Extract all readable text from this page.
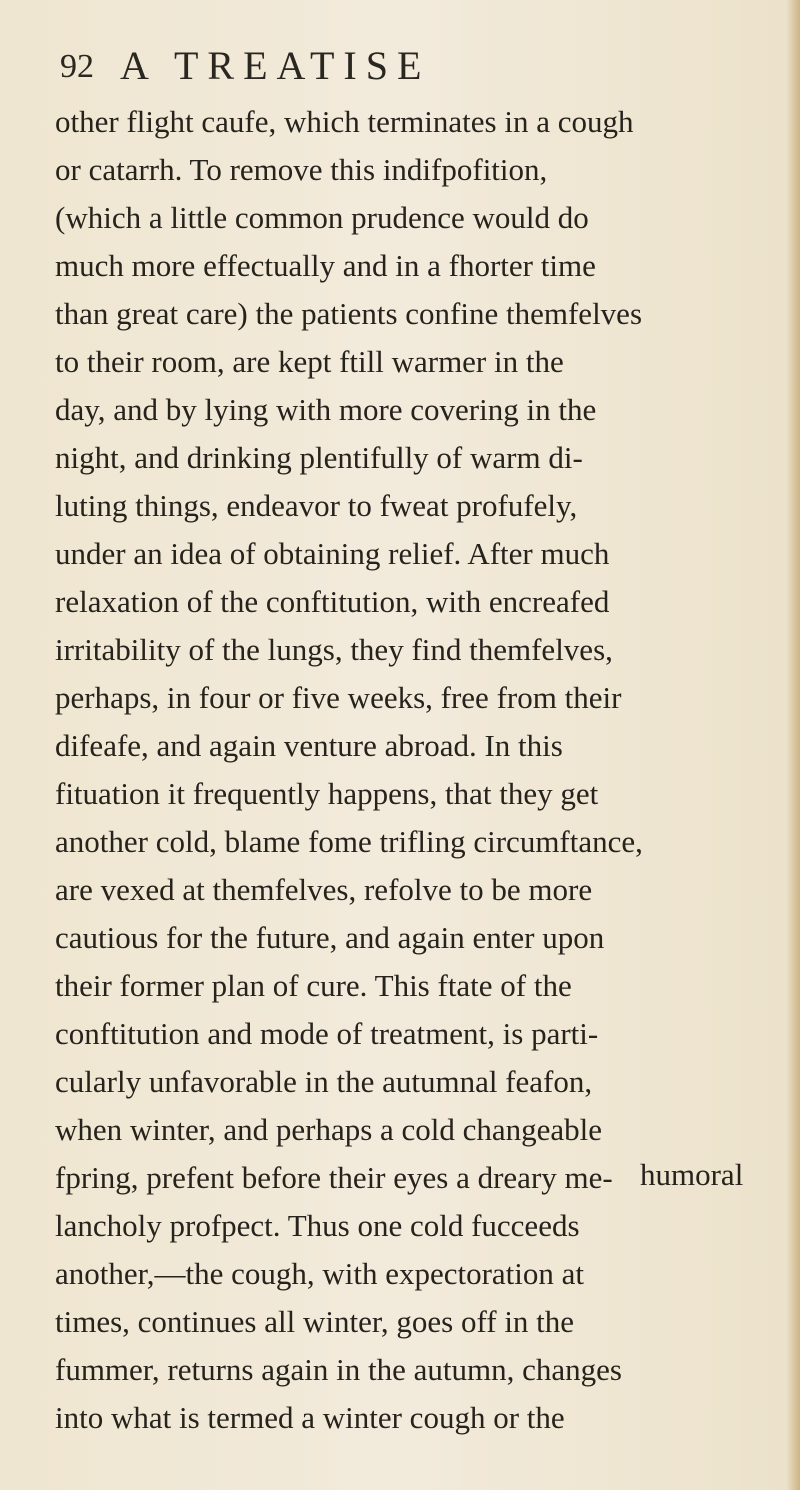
92 A TREATISE
other flight caufe, which terminates in a cough
or catarrh. To remove this indifpofition,
(which a little common prudence would do
much more effectually and in a fhorter time
than great care) the patients confine themfelves
to their room, are kept ftill warmer in the
day, and by lying with more covering in the
night, and drinking plentifully of warm di-
luting things, endeavor to fweat profufely,
under an idea of obtaining relief. After much
relaxation of the conftitution, with encreafed
irritability of the lungs, they find themfelves,
perhaps, in four or five weeks, free from their
difeafe, and again venture abroad. In this
fituation it frequently happens, that they get
another cold, blame fome trifling circumftance,
are vexed at themfelves, refolve to be more
cautious for the future, and again enter upon
their former plan of cure. This ftate of the
conftitution and mode of treatment, is parti-
cularly unfavorable in the autumnal feafon,
when winter, and perhaps a cold changeable
fpring, prefent before their eyes a dreary me-
lancholy profpect. Thus one cold fucceeds
another,—the cough, with expectoration at
times, continues all winter, goes off in the
fummer, returns again in the autumn, changes
into what is termed a winter cough or the
humoral
